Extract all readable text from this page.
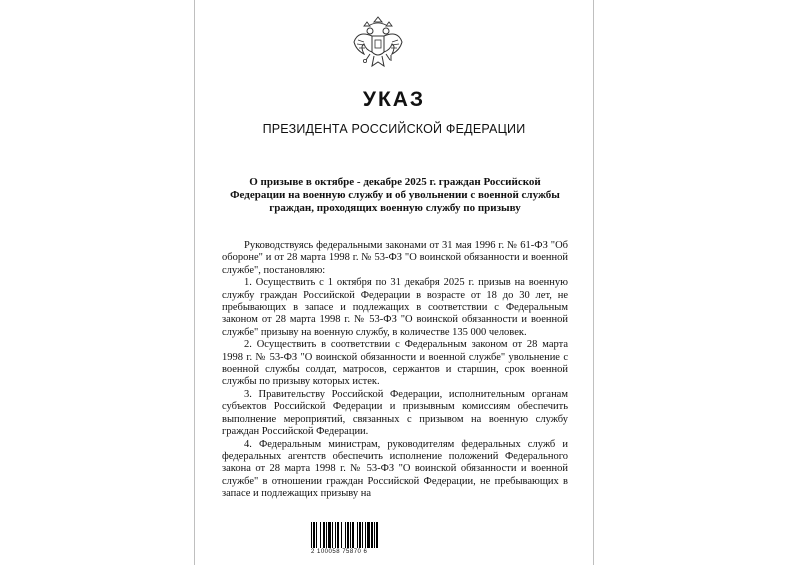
УКАЗ
ПРЕЗИДЕНТА РОССИЙСКОЙ ФЕДЕРАЦИИ
О призыве в октябре - декабре 2025 г. граждан Российской Федерации на военную службу и об увольнении с военной службы граждан, проходящих военную службу по призыву

Руководствуясь федеральными законами от 31 мая 1996 г. № 61-ФЗ "Об обороне" и от 28 марта 1998 г. № 53-ФЗ "О воинской обязанности и военной службе", постановляю:

1. Осуществить с 1 октября по 31 декабря 2025 г. призыв на военную службу граждан Российской Федерации в возрасте от 18 до 30 лет, не пребывающих в запасе и подлежащих в соответствии с Федеральным законом от 28 марта 1998 г. № 53-ФЗ "О воинской обязанности и военной службе" призыву на военную службу, в количестве 135 000 человек.

2. Осуществить в соответствии с Федеральным законом от 28 марта 1998 г. № 53-ФЗ "О воинской обязанности и военной службе" увольнение с военной службы солдат, матросов, сержантов и старшин, срок военной службы по призыву которых истек.

3. Правительству Российской Федерации, исполнительным органам субъектов Российской Федерации и призывным комиссиям обеспечить выполнение мероприятий, связанных с призывом на военную службу граждан Российской Федерации.

4. Федеральным министрам, руководителям федеральных служб и федеральных агентств обеспечить исполнение положений Федерального закона от 28 марта 1998 г. № 53-ФЗ "О воинской обязанности и военной службе" в отношении граждан Российской Федерации, не пребывающих в запасе и подлежащих призыву на

2 100058 75870 6
